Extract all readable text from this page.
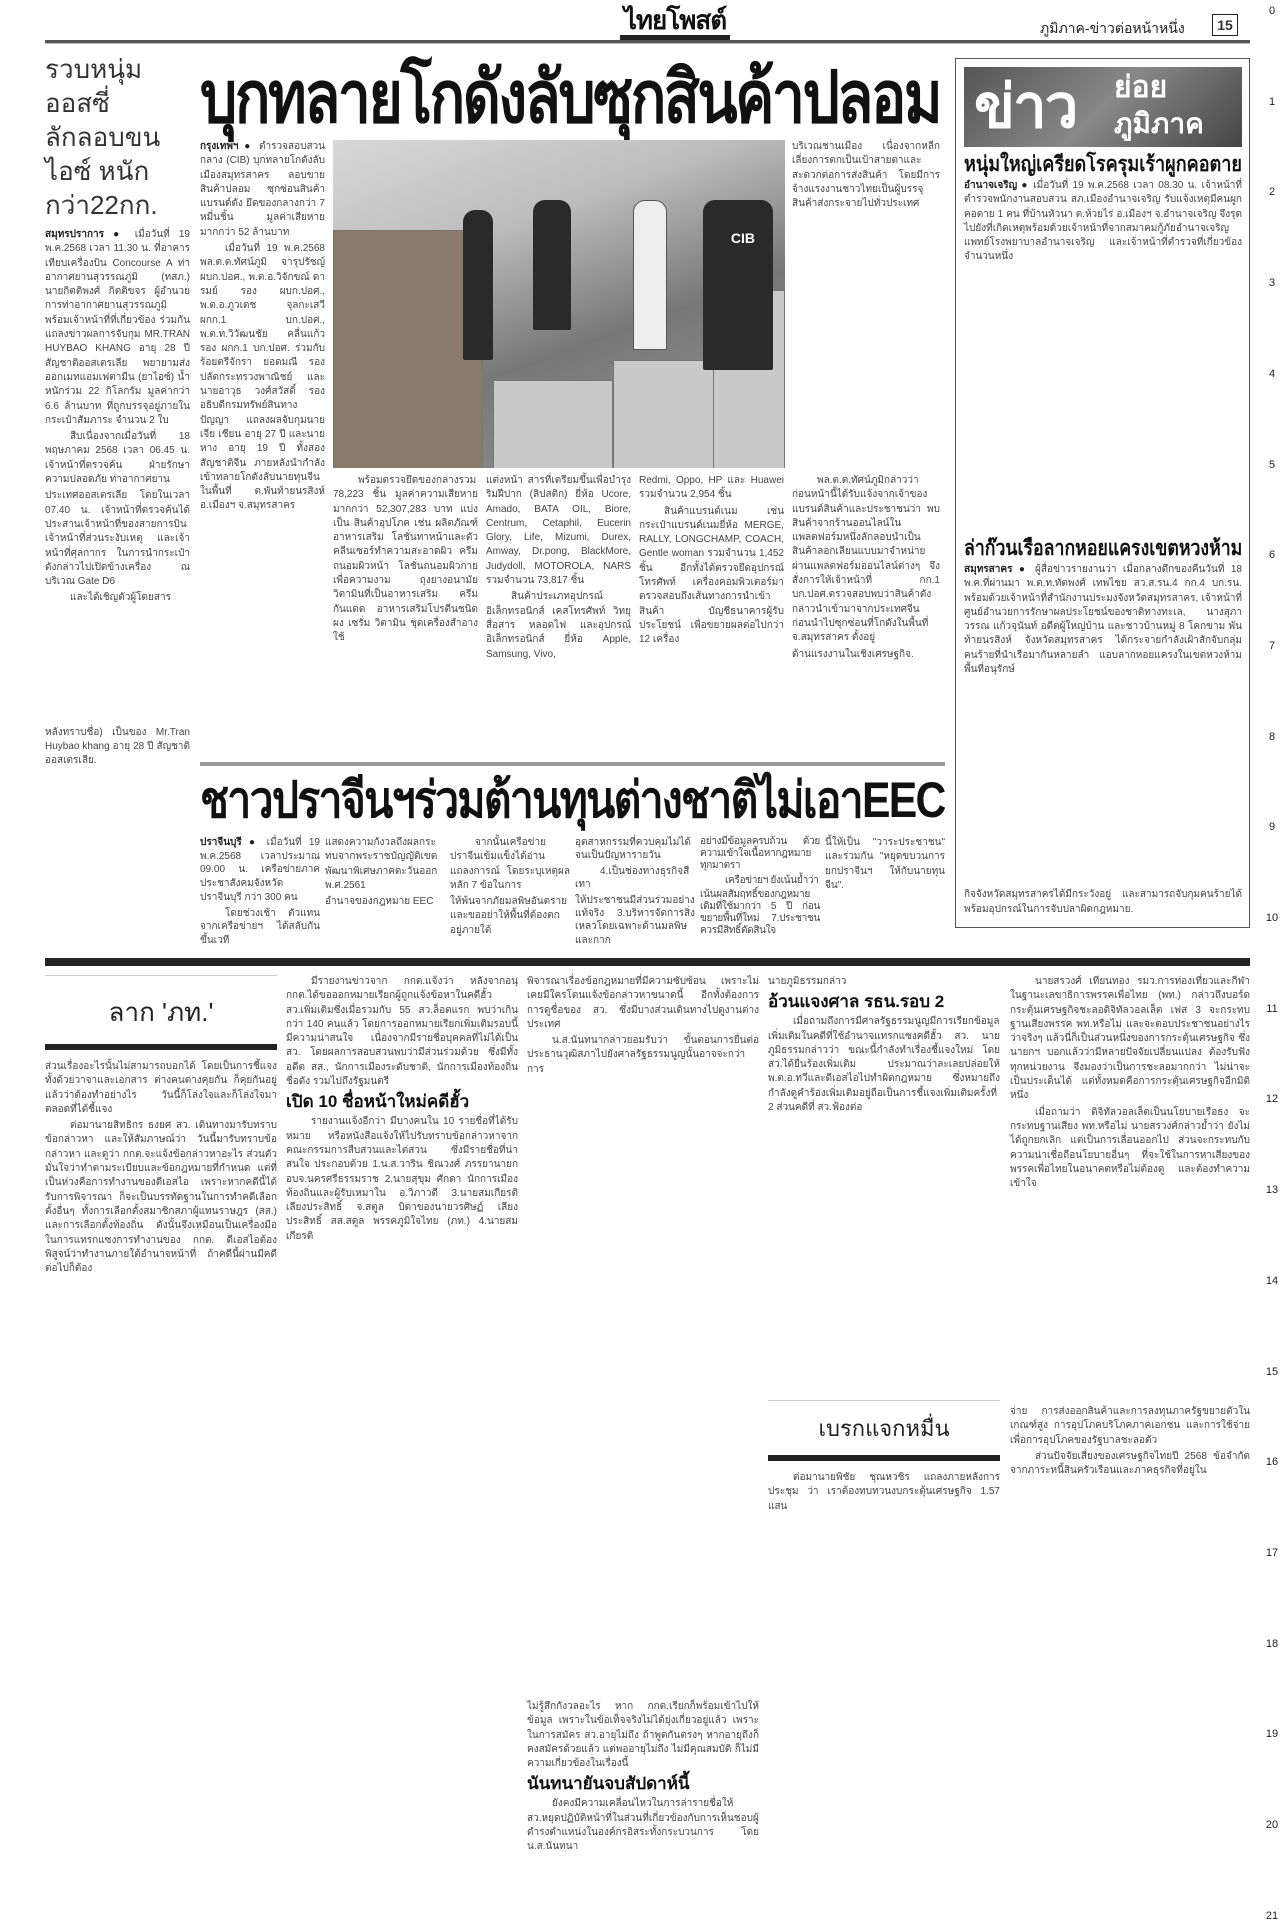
ไทยโพสต์	ภูมิภาค-ข่าวต่อหน้าหนึ่ง	15
0
1
2
3
4
5
6
7
8
9
10
11
12
13
14
15
16
17
18
19
20
21
รวบหนุ่มออสซี่ ลักลอบขนไอซ์ หนักกว่า22กก.

สมุทรปราการ ● เมื่อวันที่ 19 พ.ค.2568 เวลา 11.30 น. ที่อาคารเทียบเครื่องบิน Concourse A ท่าอากาศยานสุวรรณภูมิ (ทสภ.) นายกิตติพงศ์ กิตติขจร ผู้อำนวยการท่าอากาศยานสุวรรณภูมิ พร้อมเจ้าหน้าที่ที่เกี่ยวข้อง ร่วมกันแถลงข่าวผลการจับกุม MR.TRAN HUYBAO KHANG อายุ 28 ปี สัญชาติออสเตรเลีย พยายามส่งออกเมทแอมเฟตามีน (ยาไอซ์) น้ำหนักร่วม 22 กิโลกรัม มูลค่ากว่า 6.6 ล้านบาท ที่ถูกบรรจุอยู่ภายในกระเป๋าสัมภาระ จำนวน 2 ใบ

สืบเนื่องจากเมื่อวันที่ 18 พฤษภาคม 2568 เวลา 06.45 น. เจ้าหน้าที่ตรวจค้น ฝ่ายรักษาความปลอดภัย ท่าอากาศยาน

ประเทศออสเตรเลีย โดยในเวลา 07.40 น. เจ้าหน้าที่ตรวจค้นได้ประสานเจ้าหน้าที่ของสายการบิน เจ้าหน้าที่ส่วนระงับเหตุ และเจ้าหน้าที่ศุลกากร ในการนำกระเป๋าดังกล่าวไปเปิดข้างเครื่อง ณ บริเวณ Gate D6

และได้เชิญตัวผู้โดยสาร

หลังทราบชื่อ) เป็นของ Mr.Tran Huybao khang อายุ 28 ปี สัญชาติออสเตรเลีย.

บุกทลายโกดังลับซุกสินค้าปลอม

กรุงเทพฯ ● ตำรวจสอบสวนกลาง (CIB) บุกทลายโกดังลับเมืองสมุทรสาคร ลอบขายสินค้าปลอม ซุกซ่อนสินค้าแบรนด์ดัง ยึดของกลางกว่า 7 หมื่นชิ้น มูลค่าเสียหายมากกว่า 52 ล้านบาท

เมื่อวันที่ 19 พ.ค.2568 พล.ต.ต.ทัศน์ภูมิ จารุปรัชญ์ ผบก.ปอศ., พ.ต.อ.วิจักขณ์ ดารมย์ รอง ผบก.ปอศ., พ.ต.อ.ภูวเดช จุลกะเสวี ผกก.1 บก.ปอศ., พ.ต.ท.วิวัฒนชัย คลื่นแก้ว รอง ผกก.1 บก.ปอศ. ร่วมกับร้อยตรีจักรา ยอดมณี รองปลัดกระทรวงพาณิชย์ และนายอาวุธ วงศ์สวัสดิ์ รองอธิบดีกรมทรัพย์สินทางปัญญา แถลงผลจับกุมนายเจีย เชียน อายุ 27 ปี และนายหาง อายุ 19 ปี ทั้งสองสัญชาติจีน ภายหลังนำกำลังเข้าทลายโกดังลับนายทุนจีนในพื้นที่ ต.พันท้ายนรสิงห์ อ.เมืองฯ จ.สมุทรสาคร

CIB

บริเวณชานเมือง เนื่องจากหลีกเลี่ยงการตกเป็นเป้าสายตาและสะดวกต่อการส่งสินค้า โดยมีการจ้างแรงงานชาวไทยเป็นผู้บรรจุสินค้าส่งกระจายไปทั่วประเทศ

พล.ต.ต.ทัศน์ภูมิกล่าวว่า ก่อนหน้านี้ได้รับแจ้งจากเจ้าของแบรนด์สินค้าและประชาชนว่า พบสินค้าจากร้านออนไลน์ในแพลตฟอร์มหนึ่งลักลอบนำเป็นสินค้าลอกเลียนแบบมาจำหน่ายผ่านแพลตฟอร์มออนไลน์ต่างๆ จึงสั่งการให้เจ้าหน้าที่ กก.1 บก.ปอศ.ตรวจสอบพบว่าสินค้าดังกล่าวนำเข้ามาจากประเทศจีน ก่อนนำไปซุกซ่อนที่โกดังในพื้นที่ จ.สมุทรสาคร ตั้งอยู่

ด้านแรงงานในเชิงเศรษฐกิจ.

พร้อมตรวจยึดของกลางรวม 78,223 ชิ้น มูลค่าความเสียหายมากกว่า 52,307,283 บาท แบ่งเป็น สินค้าอุปโภค เช่น ผลิตภัณฑ์อาหารเสริม โลชั่นทาหน้าและตัว คลีนเซอร์ทำความสะอาดผิว ครีมถนอมผิวหน้า โลชั่นถนอมผิวกาย เพื่อความงาม ถุงยางอนามัย วิตามินที่เป็นอาหารเสริม ครีมกันแดด อาหารเสริมโปรตีนชนิดผง เซรั่ม วิตามิน ชุดเครื่องสำอางใช้

แต่งหน้า สารที่เตรียมขึ้นเพื่อบำรุงริมฝีปาก (ลิปสติก) ยี่ห้อ Ucore, Amado, BATA OIL, Biore, Centrum, Cetaphil, Eucerin Glory, Life, Mizumi, Durex, Amway, Dr.pong, BlackMore, Judydoll, MOTOROLA, NARS รวมจำนวน 73,817 ชิ้น

สินค้าประเภทอุปกรณ์อิเล็กทรอนิกส์ เคสโทรศัพท์ วิทยุสื่อสาร หลอดไฟ และอุปกรณ์อิเล็กทรอนิกส์ ยี่ห้อ Apple, Samsung, Vivo,

Redmi, Oppo, HP และ Huawei รวมจำนวน 2,954 ชิ้น

สินค้าแบรนด์เนม เช่น กระเป๋าแบรนด์เนมยี่ห้อ MERGE, RALLY, LONGCHAMP, COACH, Gentle woman รวมจำนวน 1,452 ชิ้น อีกทั้งได้ตรวจยึดอุปกรณ์โทรศัพท์ เครื่องคอมพิวเตอร์มาตรวจสอบถึงเส้นทางการนำเข้าสินค้า บัญชีธนาคารผู้รับประโยชน์ เพื่อขยายผลต่อไปกว่า 12 เครื่อง

ข่าว ย่อย
ภูมิภาค
หนุ่มใหญ่เครียดโรครุมเร้าผูกคอตาย

อำนาจเจริญ ● เมื่อวันที่ 19 พ.ค.2568 เวลา 08.30 น. เจ้าหน้าที่ตำรวจพนักงานสอบสวน สภ.เมืองอำนาจเจริญ รับแจ้งเหตุมีคนผูกคอตาย 1 คน ที่บ้านหัวนา ต.ห้วยไร่ อ.เมืองฯ จ.อำนาจเจริญ จึงรุดไปยังที่เกิดเหตุพร้อมด้วยเจ้าหน้าที่จากสมาคมกู้ภัยอำนาจเจริญ แพทย์โรงพยาบาลอำนาจเจริญ และเจ้าหน้าที่ตำรวจที่เกี่ยวข้องจำนวนหนึ่ง

ล่าก๊วนเรือลากหอยแครงเขตหวงห้าม

สมุทรสาคร ● ผู้สื่อข่าวรายงานว่า เมื่อกลางดึกของคืนวันที่ 18 พ.ค.ที่ผ่านมา พ.ต.ท.ทัตพงศ์ เทพไชย สว.ส.รน.4 กก.4 บก.รน. พร้อมด้วยเจ้าหน้าที่สำนักงานประมงจังหวัดสมุทรสาคร, เจ้าหน้าที่ศูนย์อำนวยการรักษาผลประโยชน์ของชาติทางทะเล, นางสุภาวรรณ แก้วจุนันท์ อดีตผู้ใหญ่บ้าน และชาวบ้านหมู่ 8 โคกขาม พันท้ายนรสิงห์ จังหวัดสมุทรสาคร ได้กระจายกำลังเฝ้าสักจับกลุ่มคนร้ายที่นำเรือมากันหลายลำ แอบลากหอยแครงในเขตหวงห้ามพื้นที่อนุรักษ์

กิจจังหวัดสมุทรสาครได้มีกระวังอยู่ และสามารถจับกุมคนร้ายได้พร้อมอุปกรณ์ในการจับปลาผิดกฎหมาย.

ชาวปราจีนฯร่วมต้านทุนต่างชาติไม่เอาEEC

ปราจีนบุรี ● เมื่อวันที่ 19 พ.ค.2568 เวลาประมาณ 09.00 น. เครือข่ายภาคประชาสังคมจังหวัดปราจีนบุรี กว่า 300 คน

โดยช่วงเช้า ตัวแทนจากเครือข่ายฯ ได้สลับกันขึ้นเวที

แสดงความกังวลถึงผลกระทบจากพระราชบัญญัติเขตพัฒนาพิเศษภาคตะวันออก พ.ศ.2561

อำนาจของกฎหมาย EEC

จากนั้นเครือข่ายปราจีนเข้มแข็งได้อ่านแถลงการณ์ โดยระบุเหตุผลหลัก 7 ข้อในการ

ให้พ้นจากภัยมลพิษอันตราย และขออย่าให้พื้นที่ต้องตกอยู่ภายใต้

อุตสาหกรรมที่ควบคุมไม่ได้จนเป็นปัญหารายวัน

4.เป็นช่องทางธุรกิจสีเทา

ให้ประชาชนมีส่วนร่วมอย่างแท้จริง 3.บริหารจัดการสิ่งเหลวโดยเฉพาะด้านมลพิษและกาก

อย่างมีข้อมูลครบถ้วน ด้วยความเข้าใจเนื้อหากฎหมายทุกมาตรา

เครือข่ายฯ ยังเน้นย้ำว่า

เน้นผลสัมฤทธิ์ของกฎหมายเดิมที่ใช้มากว่า 5 ปี ก่อนขยายพื้นที่ใหม่ 7.ประชาชนควรมีสิทธิ์ตัดสินใจ

นี้ให้เป็น "วาระประชาชน" และร่วมกัน "หยุดขบวนการยกปราจีนฯ ให้กับนายทุนจีน".

ลาก 'ภท.'

ส่วนเรื่องอะไรนั้นไม่สามารถบอกได้ โดยเป็นการชี้แจงทั้งด้วยวาจาและเอกสาร ต่างคนต่างคุยกัน ก็คุยกันอยู่แล้วว่าต้องทำอย่างไร วันนี้ก็โล่งใจและก็โล่งใจมาตลอดที่ได้ชี้แจง

ต่อมานายสิทธิกร ธงยศ สว. เดินทางมารับทราบข้อกล่าวหา และให้สัมภาษณ์ว่า วันนี้มารับทราบข้อกล่าวหา และดูว่า กกต.จะแจ้งข้อกล่าวหาอะไร ส่วนตัวมั่นใจว่าทำตามระเบียบและข้อกฎหมายที่กำหนด แต่ที่เป็นห่วงคือการทำงานของดีเอสไอ เพราะหากคดีนี้ได้รับการพิจารณา ก็จะเป็นบรรทัดฐานในการทำคดีเลือกตั้งอื่นๆ ทั้งการเลือกตั้งสมาชิกสภาผู้แทนราษฎร (สส.) และการเลือกตั้งท้องถิ่น ดังนั้นจึงเหมือนเป็นเครื่องมือในการแทรกแซงการทำงานของ กกต. ดีเอสไอต้องพิสูจน์ว่าทำงานภายใต้อำนาจหน้าที่ ถ้าคดีนี้ผ่านมีคดีต่อไปก็ต้อง

มีรายงานข่าวจาก กกต.แจ้งว่า หลังจากอนุ กกต.ได้ขอออกหมายเรียกผู้ถูกแจ้งข้อหาในคดีฮั้ว สว.เพิ่มเติมซึ่งเมื่อรวมกับ 55 สว.ล็อตแรก พบว่าเกินกว่า 140 คนแล้ว โดยการออกหมายเรียกเพิ่มเติมรอบนี้มีความน่าสนใจ เนื่องจากมีรายชื่อบุคคลที่ไม่ได้เป็น สว. โดยผลการสอบสวนพบว่ามีส่วนร่วมด้วย ซึ่งมีทั้งอดีต สส., นักการเมืองระดับชาติ, นักการเมืองท้องถิ่นชื่อดัง รวมไปถึงรัฐมนตรี

เปิด 10 ชื่อหน้าใหม่คดีฮั้ว

รายงานแจ้งอีกว่า มีบางคนใน 10 รายชื่อที่ได้รับหมาย หรือหนังสือแจ้งให้ไปรับทราบข้อกล่าวหาจากคณะกรรมการสืบสวนและไต่สวน ซึ่งมีรายชื่อที่น่าสนใจ ประกอบด้วย 1.น.ส.วาริน ชิณวงศ์ ภรรยานายก อบจ.นครศรีธรรมราช 2.นายสุขุม ศักดา นักการเมืองท้องถิ่นและผู้รับเหมาใน อ.วิภาวดี 3.นายสมเกียรติ เลียงประสิทธิ์ จ.สตูล บิดาของนายวรศิษฏ์ เลียงประสิทธิ์ สส.สตูล พรรคภูมิใจไทย (ภท.) 4.นายสมเกียรติ

พิจารณาเรื่องข้อกฎหมายที่มีความซับซ้อน เพราะไม่เคยมีใครโดนแจ้งข้อกล่าวหาขนาดนี้ อีกทั้งต้องการการดูชื่อของ สว. ซึ่งมีบางส่วนเดินทางไปดูงานต่างประเทศ

น.ส.นันทนากล่าวยอมรับว่า ขั้นตอนการยื่นต่อประธานวุฒิสภาไปยังศาลรัฐธรรมนูญนั้นอาจจะกว่าการ

ไม่รู้สึกกังวลอะไร หาก กกต.เรียกก็พร้อมเข้าไปให้ข้อมูล เพราะในข้อเท็จจริงไม่ได้ยุ่งเกี่ยวอยู่แล้ว เพราะในการสมัคร สว.อายุไม่ถึง ถ้าพูดกันตรงๆ หากอายุถึงก็คงสมัครด้วยแล้ว แต่พออายุไม่ถึง ไม่มีคุณสมบัติ ก็ไม่มีความเกี่ยวข้องในเรื่องนี้

นันทนายันจบสัปดาห์นี้

ยังคงมีความเคลื่อนไหวในการล่ารายชื่อให้ สว.หยุดปฏิบัติหน้าที่ในส่วนที่เกี่ยวข้องกับการเห็นชอบผู้ดำรงตำแหน่งในองค์กรอิสระทั้งกระบวนการ โดย น.ส.นันทนา

นายภูมิธรรมกล่าว

อ้วนแจงศาล รธน.รอบ 2

เมื่อถามถึงการมีศาลรัฐธรรมนูญมีการเรียกข้อมูลเพิ่มเติมในคดีที่ใช้อำนาจแทรกแซงคดีฮั้ว สว. นายภูมิธรรมกล่าวว่า ขณะนี้กำลังทำเรื่องชี้แจงใหม่ โดย สว.ได้ยื่นร้องเพิ่มเติม ประมาณว่าละเลยปล่อยให้ พ.ต.อ.ทวีและดีเอสไอไปทำผิดกฎหมาย ซึ่งหมายถึงกำลังดูคำร้องเพิ่มเติมอยู่ถือเป็นการชี้แจงเพิ่มเติมครั้งที่ 2 ส่วนคดีที่ สว.ฟ้องต่อ

เบรกแจกหมื่น

ต่อมานายพิชัย ชุณหวชิร แถลงภายหลังการประชุม ว่า เราต้องทบทวนงบกระตุ้นเศรษฐกิจ 1.57 แสน

นายสรวงศ์ เทียนทอง รมว.การท่องเที่ยวและกีฬา ในฐานะเลขาธิการพรรคเพื่อไทย (พท.) กล่าวถึงบอร์ดกระตุ้นเศรษฐกิจชะลอดิจิทัลวอลเล็ต เฟส 3 จะกระทบฐานเสียงพรรค พท.หรือไม่ และจะตอบประชาชนอย่างไรว่าจริงๆ แล้วนี่ก็เป็นส่วนหนึ่งของการกระตุ้นเศรษฐกิจ ซึ่งนายกฯ บอกแล้วว่ามีหลายปัจจัยเปลี่ยนแปลง ต้องรับฟังทุกหน่วยงาน จึงมองว่าเป็นการชะลอมากกว่า ไม่น่าจะเป็นประเด็นได้ แต่ทั้งหมดคือการกระตุ้นเศรษฐกิจอีกมิติหนึ่ง

เมื่อถามว่า ดิจิทัลวอลเล็ตเป็นนโยบายเรือธง จะกระทบฐานเสียง พท.หรือไม่ นายสรวงศ์กล่าวย้ำว่า ยังไม่ได้ถูกยกเลิก แต่เป็นการเลื่อนออกไป ส่วนจะกระทบกับความน่าเชื่อถือนโยบายอื่นๆ ที่จะใช้ในการหาเสียงของพรรคเพื่อไทยในอนาคตหรือไม่ต้องดู และต้องทำความเข้าใจ

จ่าย การส่งออกสินค้าและการลงทุนภาครัฐขยายตัวในเกณฑ์สูง การอุปโภคบริโภคภาคเอกชน และการใช้จ่ายเพื่อการอุปโภคของรัฐบาลชะลอตัว

ส่วนปัจจัยเสี่ยงของเศรษฐกิจไทยปี 2568 ข้อจำกัดจากภาระหนี้สินครัวเรือนและภาคธุรกิจที่อยู่ใน
